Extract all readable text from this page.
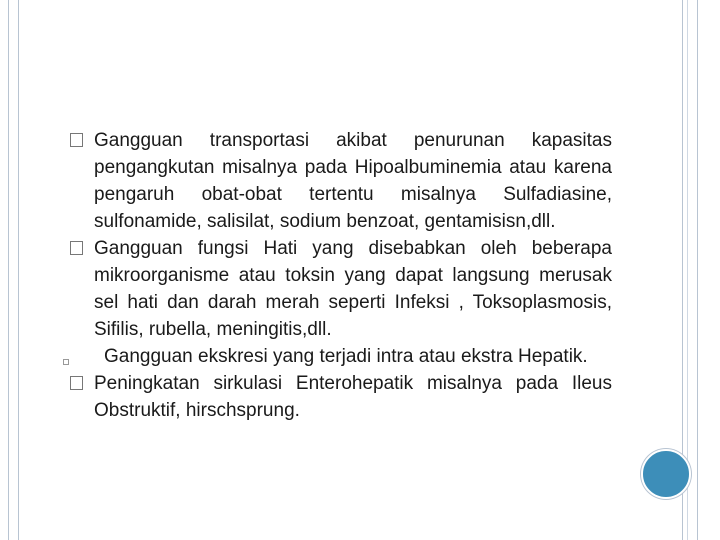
Gangguan transportasi akibat penurunan kapasitas pengangkutan misalnya pada Hipoalbuminemia atau karena pengaruh obat-obat tertentu misalnya Sulfadiasine, sulfonamide, salisilat, sodium benzoat, gentamisisn,dll.

Gangguan fungsi Hati yang disebabkan oleh beberapa mikroorganisme atau toksin yang dapat langsung merusak sel hati dan darah merah seperti Infeksi , Toksoplasmosis, Sifilis, rubella, meningitis,dll.

Gangguan ekskresi yang terjadi intra atau ekstra Hepatik.

Peningkatan sirkulasi Enterohepatik misalnya pada Ileus Obstruktif, hirschsprung.
